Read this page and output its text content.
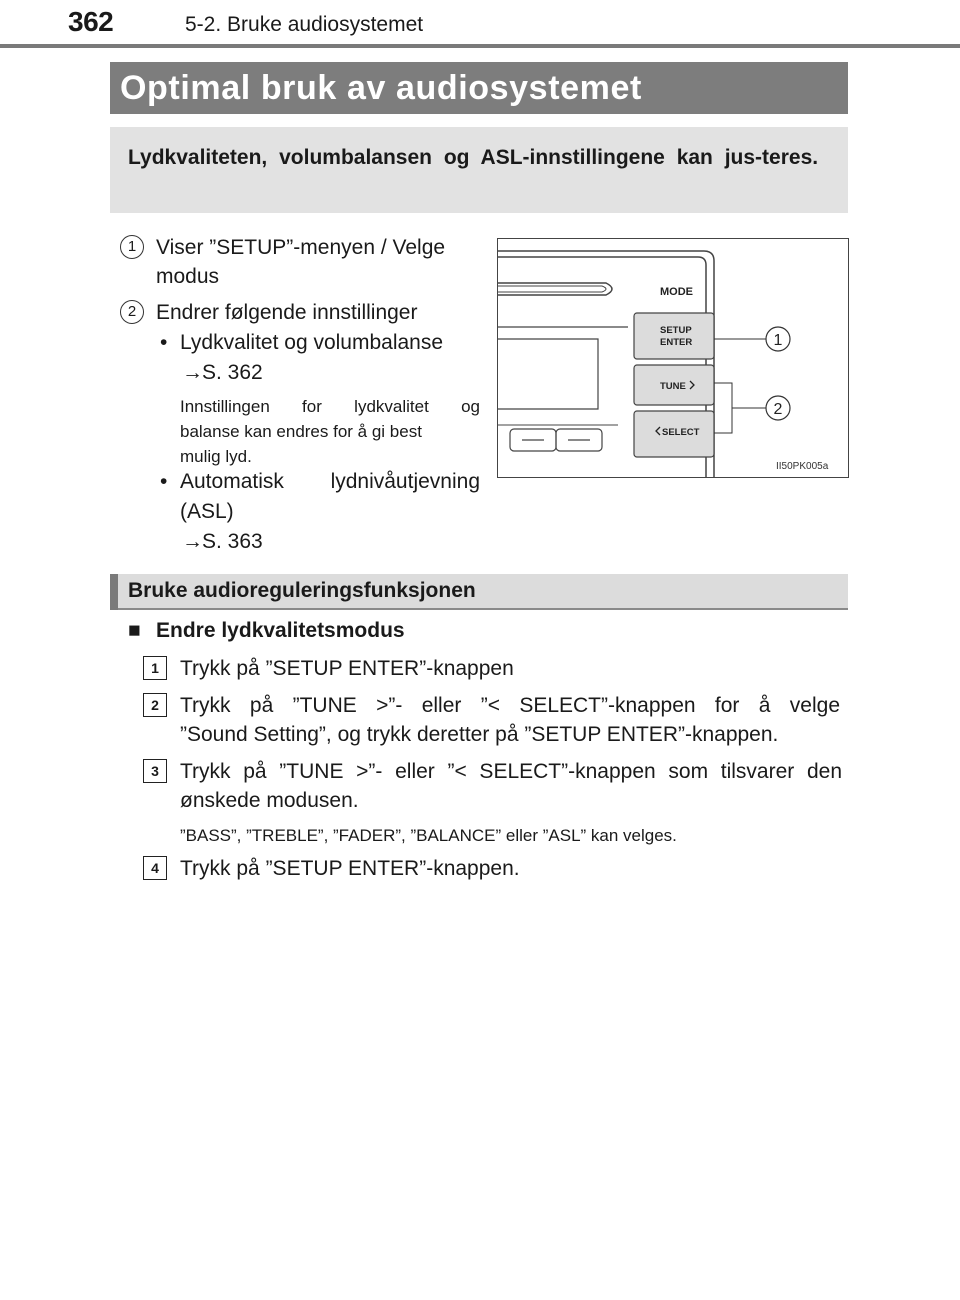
362	5-2. Bruke audiosystemet
Optimal bruk av audiosystemet
Lydkvaliteten, volumbalansen og ASL-innstillingene kan jus-teres.
1 Viser ”SETUP”-menyen / Velge
modus
2 Endrer følgende innstillinger
• Lydkvalitet og volumbalanse
→ S. 362
Innstillingen for lydkvalitet og
balanse kan endres for å gi best
mulig lyd.
• Automatisk lydnivåutjevning
(ASL)
→ S. 363
MODE
SETUP
ENTER
TUNE
SELECT
1
2
II50PK005a
Bruke audioreguleringsfunksjonen
■ Endre lydkvalitetsmodus
1	Trykk på ”SETUP ENTER”-knappen
2	Trykk på ”TUNE >”- eller ”< SELECT”-knappen for å velge
”Sound Setting”, og trykk deretter på ”SETUP ENTER”-knappen.
3	Trykk på ”TUNE >”- eller ”< SELECT”-knappen som tilsvarer den
ønskede modusen.
”BASS”, ”TREBLE”, ”FADER”, ”BALANCE” eller ”ASL” kan velges.
4	Trykk på ”SETUP ENTER”-knappen.
